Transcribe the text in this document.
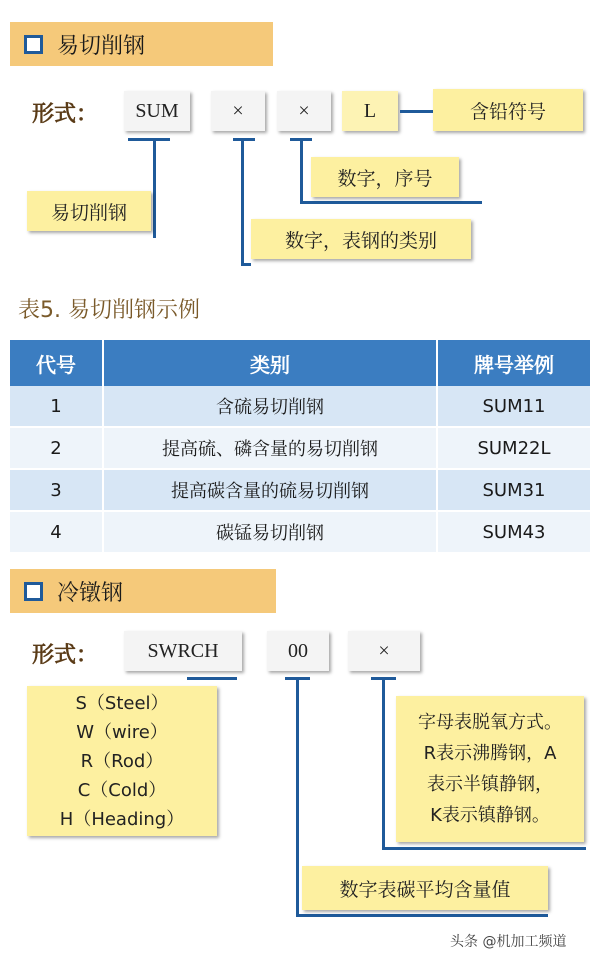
易切削钢
形式：	SUM	×	×	L	含铅符号
数字，序号
易切削钢
数字，表钢的类别
表5. 易切削钢示例
代号	类别	牌号举例
1	含硫易切削钢	SUM11
2	提高硫、磷含量的易切削钢	SUM22L
3	提高碳含量的硫易切削钢	SUM31
4	碳锰易切削钢	SUM43
冷镦钢
形式：	SWRCH	00	×
S（Steel）
W（wire）
R（Rod）
C（Cold）
H（Heading）
字母表脱氧方式。
R表示沸腾钢，A
表示半镇静钢，
K表示镇静钢。
数字表碳平均含量值
头条 @机加工频道
